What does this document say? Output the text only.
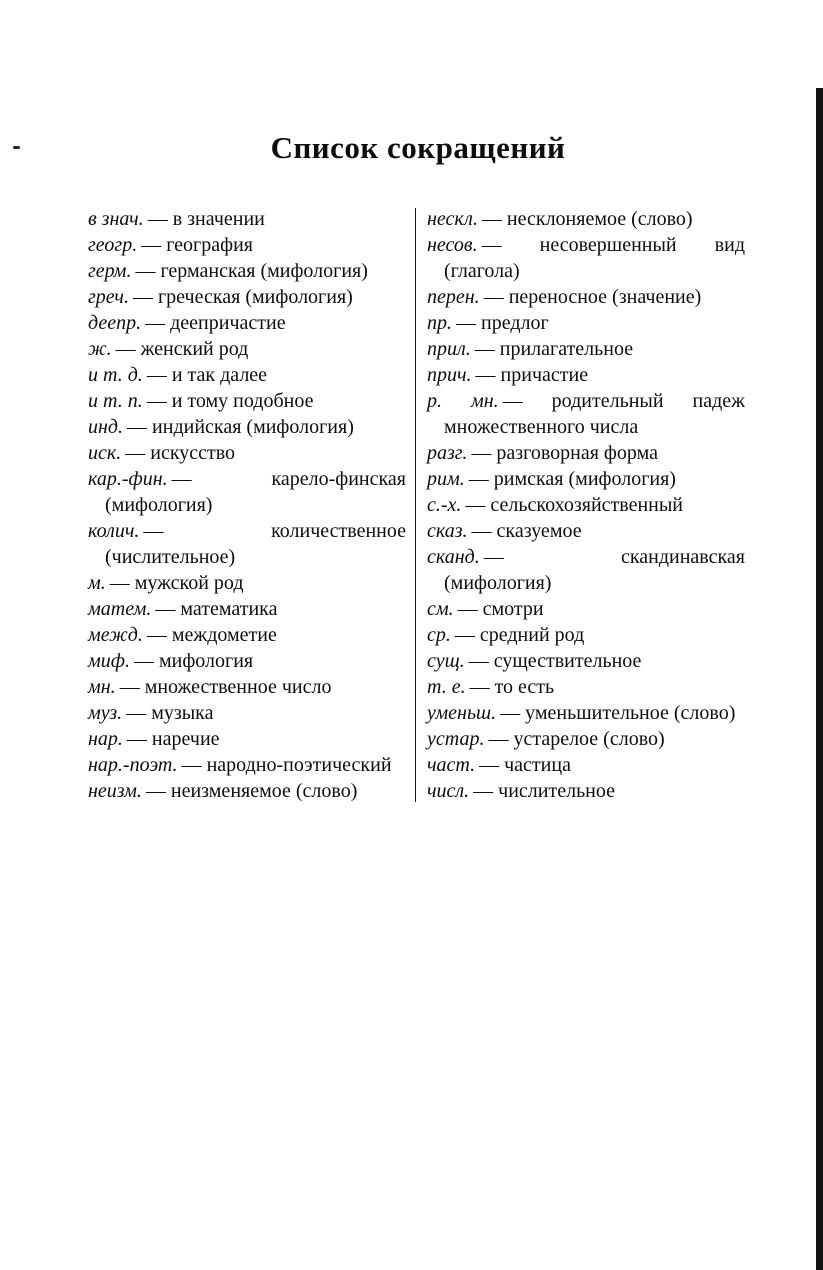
Список сокращений
в знач. — в значении
геогр. — география
герм. — германская (мифология)
греч. — греческая (мифология)
деепр. — деепричастие
ж. — женский род
и т. д. — и так далее
и т. п. — и тому подобное
инд. — индийская (мифология)
иск. — искусство
кар.-фин. — карело-финская (мифология)
колич. — количественное (числительное)
м. — мужской род
матем. — математика
межд. — междометие
миф. — мифология
мн. — множественное число
муз. — музыка
нар. — наречие
нар.-поэт. — народно-поэтический
неизм. — неизменяемое (слово)
нескл. — несклоняемое (слово)
несов. — несовершенный вид (глагола)
перен. — переносное (значение)
пр. — предлог
прил. — прилагательное
прич. — причастие
р. мн. — родительный падеж множественного числа
разг. — разговорная форма
рим. — римская (мифология)
с.-х. — сельскохозяйственный
сказ. — сказуемое
сканд. — скандинавская (мифология)
см. — смотри
ср. — средний род
сущ. — существительное
т. е. — то есть
уменьш. — уменьшительное (слово)
устар. — устарелое (слово)
част. — частица
числ. — числительное
